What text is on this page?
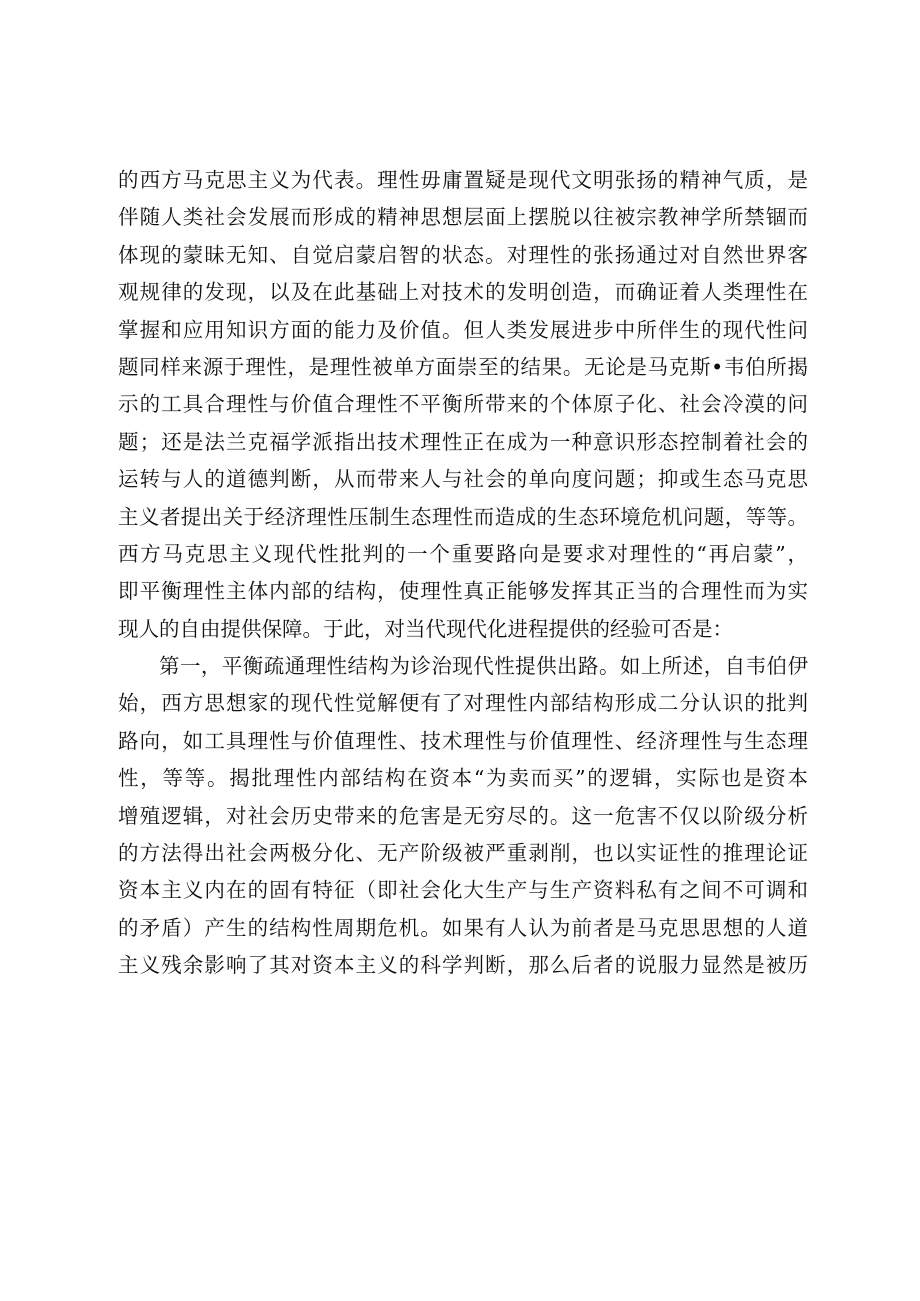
的西方马克思主义为代表。理性毋庸置疑是现代文明张扬的精神气质，是
伴随人类社会发展而形成的精神思想层面上摆脱以往被宗教神学所禁锢而
体现的蒙昧无知、自觉启蒙启智的状态。对理性的张扬通过对自然世界客
观规律的发现，以及在此基础上对技术的发明创造，而确证着人类理性在
掌握和应用知识方面的能力及价值。但人类发展进步中所伴生的现代性问
题同样来源于理性，是理性被单方面崇至的结果。无论是马克斯•韦伯所揭
示的工具合理性与价值合理性不平衡所带来的个体原子化、社会冷漠的问
题；还是法兰克福学派指出技术理性正在成为一种意识形态控制着社会的
运转与人的道德判断，从而带来人与社会的单向度问题；抑或生态马克思
主义者提出关于经济理性压制生态理性而造成的生态环境危机问题，等等。
西方马克思主义现代性批判的一个重要路向是要求对理性的“再启蒙”，
即平衡理性主体内部的结构，使理性真正能够发挥其正当的合理性而为实
现人的自由提供保障。于此，对当代现代化进程提供的经验可否是：
第一，平衡疏通理性结构为诊治现代性提供出路。如上所述，自韦伯伊
始，西方思想家的现代性觉解便有了对理性内部结构形成二分认识的批判
路向，如工具理性与价值理性、技术理性与价值理性、经济理性与生态理
性，等等。揭批理性内部结构在资本“为卖而买”的逻辑，实际也是资本
增殖逻辑，对社会历史带来的危害是无穷尽的。这一危害不仅以阶级分析
的方法得出社会两极分化、无产阶级被严重剥削，也以实证性的推理论证
资本主义内在的固有特征（即社会化大生产与生产资料私有之间不可调和
的矛盾）产生的结构性周期危机。如果有人认为前者是马克思思想的人道
主义残余影响了其对资本主义的科学判断，那么后者的说服力显然是被历
